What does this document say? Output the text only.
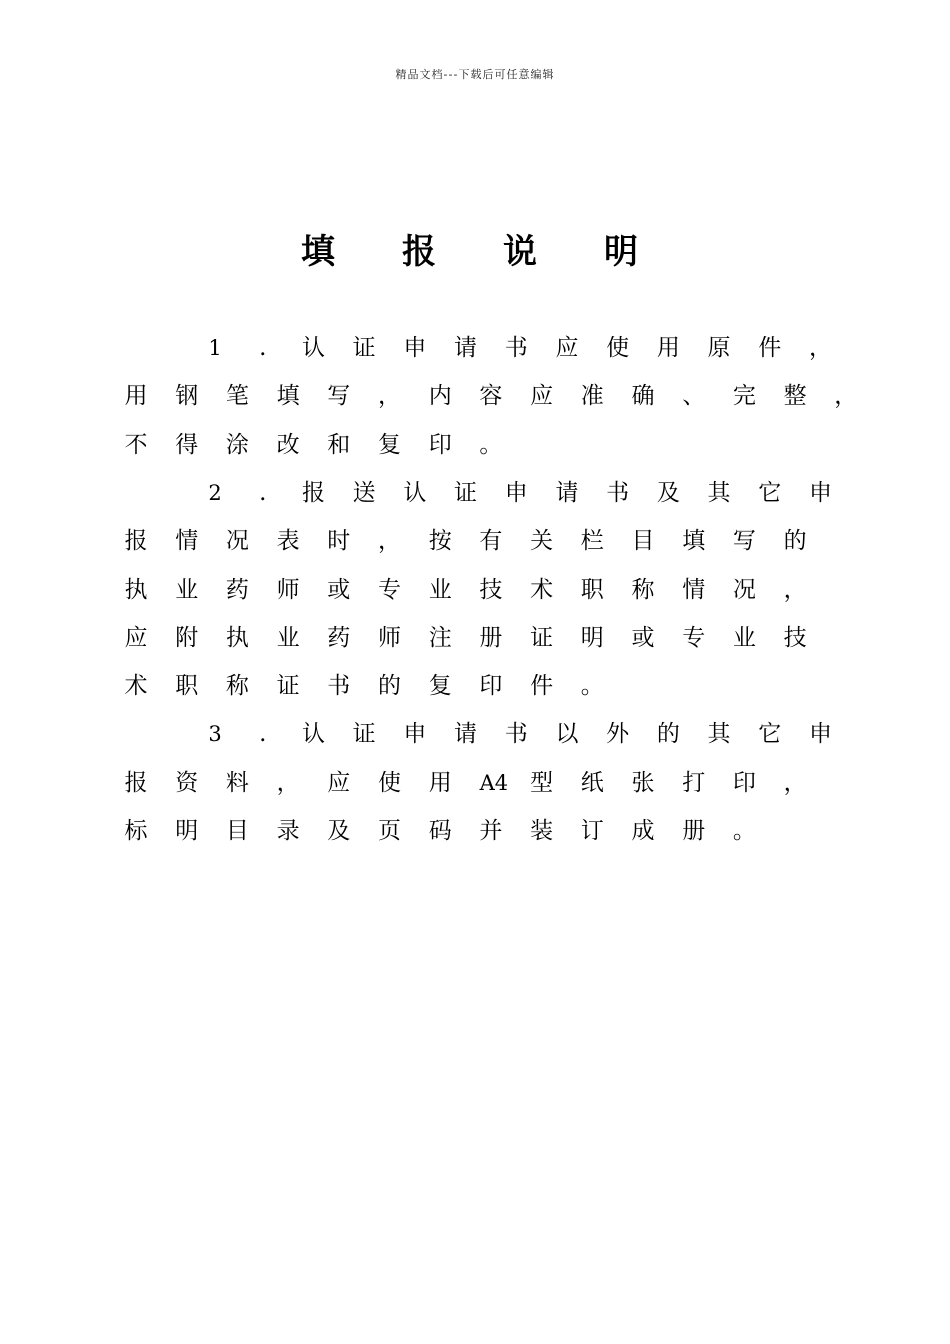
精品文档---下载后可任意编辑
填	报	说	明
1	.	认 证 申 请 书 应 使 用 原 件 ，
用 钢 笔 填 写 ， 内 容 应 准 确 、 完 整 ，
不 得 涂 改 和 复 印 。
2	.	报 送 认 证 申 请 书 及 其 它 申
报 情 况 表 时 ， 按 有 关 栏 目 填 写 的
执 业 药 师 或 专 业 技 术 职 称 情 况 ，
应 附 执 业 药 师 注 册 证 明 或 专 业 技
术 职 称 证 书 的 复 印 件 。
3	.	认 证 申 请 书 以 外 的 其 它 申
报 资 料 ， 应 使 用 A4 型 纸 张 打 印 ，
标 明 目 录 及 页 码 并 装 订 成 册 。
